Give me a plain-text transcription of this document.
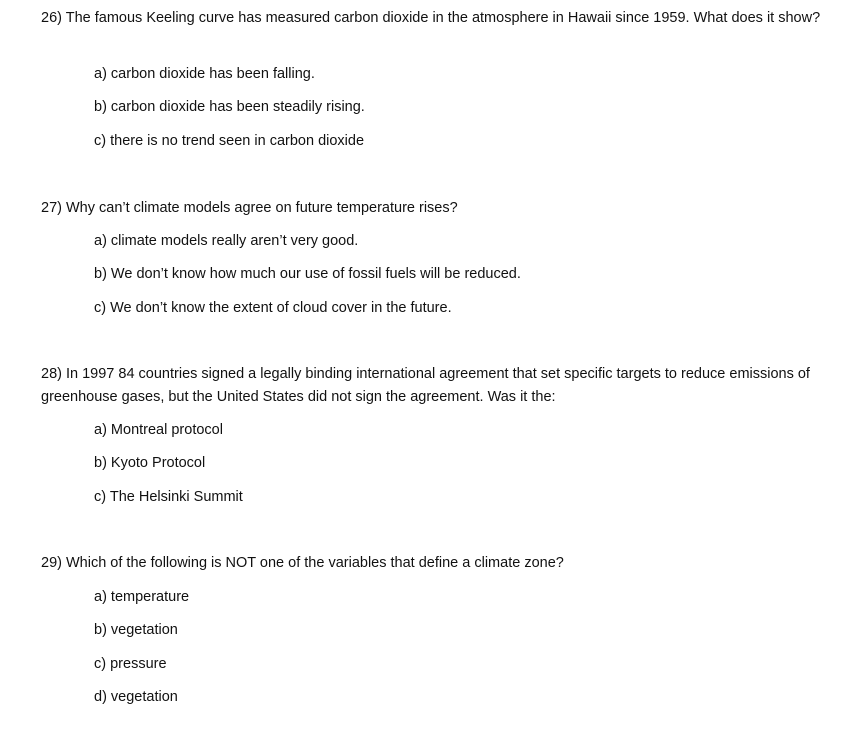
26) The famous Keeling curve has measured carbon dioxide in the atmosphere in Hawaii since 1959. What does it show?

a) carbon dioxide has been falling.

b) carbon dioxide has been steadily rising.

c) there is no trend seen in carbon dioxide

27) Why can’t climate models agree on future temperature rises?

a) climate models really aren’t very good.

b) We don’t know how much our use of fossil fuels will be reduced.

c) We don’t know the extent of cloud cover in the future.

28) In 1997 84 countries signed a legally binding international agreement that set specific targets to reduce emissions of greenhouse gases, but the United States did not sign the agreement. Was it the:

a) Montreal protocol

b) Kyoto Protocol

c) The Helsinki Summit

29) Which of the following is NOT one of the variables that define a climate zone?

a) temperature

b) vegetation

c) pressure

d) vegetation
